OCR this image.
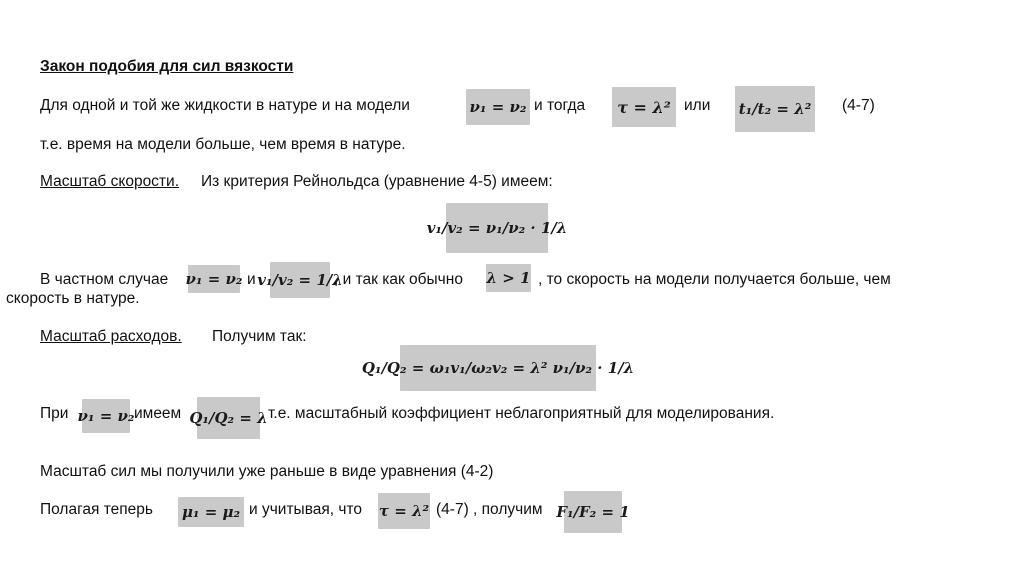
Закон подобия для сил вязкости
Для одной и той же жидкости в натуре и на модели	ν₁ = ν₂ и тогда	τ = λ² или t₁/t₂ = λ² (4-7)
т.е. время на модели больше, чем время в натуре.
Масштаб скорости. Из критерия Рейнольдса (уравнение 4-5) имеем:
v₁/v₂ = ν₁/ν₂ · 1/λ
В частном случае ν₁ = ν₂ и v₁/v₂ = 1/λ
, и так как обычно λ > 1 , то скорость на модели получается больше, чем
скорость в натуре.
Масштаб расходов. Получим так:
Q₁/Q₂ = ω₁v₁/ω₂v₂ = λ² ν₁/ν₂ · 1/λ
При ν₁ = ν₂ имеем Q₁/Q₂ = λ т.е. масштабный коэффициент неблагоприятный для моделирования.
Масштаб сил мы получили уже раньше в виде уравнения (4-2)
Полагая теперь μ₁ = μ₂ и учитывая, что τ = λ² (4-7) , получим F₁/F₂ = 1
